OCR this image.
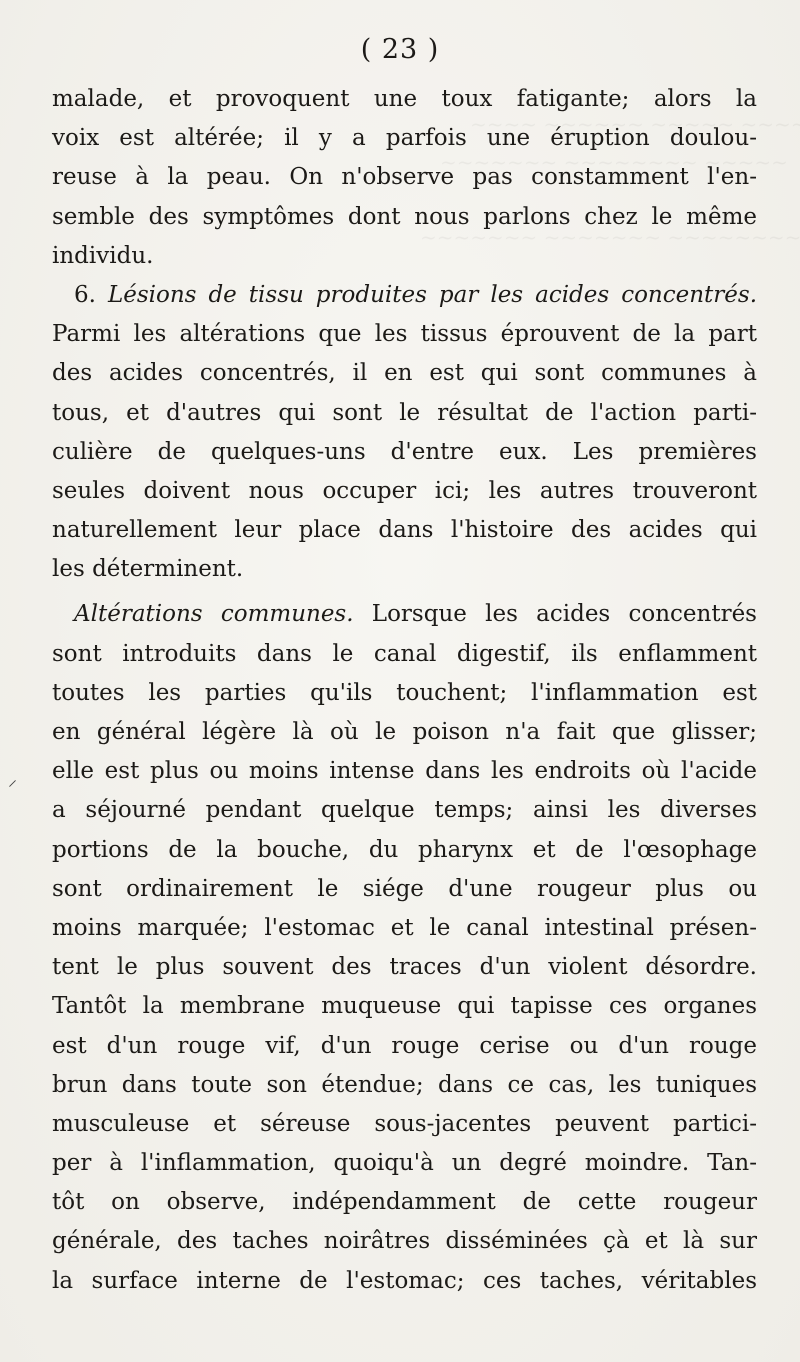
( 23 )
malade, et provoquent une toux fatigante; alors la
voix est altérée; il y a parfois une éruption doulou-
reuse à la peau. On n'observe pas constamment l'en-
semble des symptômes dont nous parlons chez le même
individu.
6. Lésions de tissu produites par les acides concentrés.
Parmi les altérations que les tissus éprouvent de la part
des acides concentrés, il en est qui sont communes à
tous, et d'autres qui sont le résultat de l'action parti-
culière de quelques-uns d'entre eux. Les premières
seules doivent nous occuper ici; les autres trouveront
naturellement leur place dans l'histoire des acides qui
les déterminent.
Altérations communes. Lorsque les acides concentrés
sont introduits dans le canal digestif, ils enflamment
toutes les parties qu'ils touchent; l'inflammation est
en général légère là où le poison n'a fait que glisser;
elle est plus ou moins intense dans les endroits où l'acide
a séjourné pendant quelque temps; ainsi les diverses
portions de la bouche, du pharynx et de l'œsophage
sont ordinairement le siége d'une rougeur plus ou
moins marquée; l'estomac et le canal intestinal présen-
tent le plus souvent des traces d'un violent désordre.
Tantôt la membrane muqueuse qui tapisse ces organes
est d'un rouge vif, d'un rouge cerise ou d'un rouge
brun dans toute son étendue; dans ce cas, les tuniques
musculeuse et séreuse sous-jacentes peuvent partici-
per à l'inflammation, quoiqu'à un degré moindre. Tan-
tôt on observe, indépendamment de cette rougeur
générale, des taches noirâtres disséminées çà et là sur
la surface interne de l'estomac; ces taches, véritables
⸍
